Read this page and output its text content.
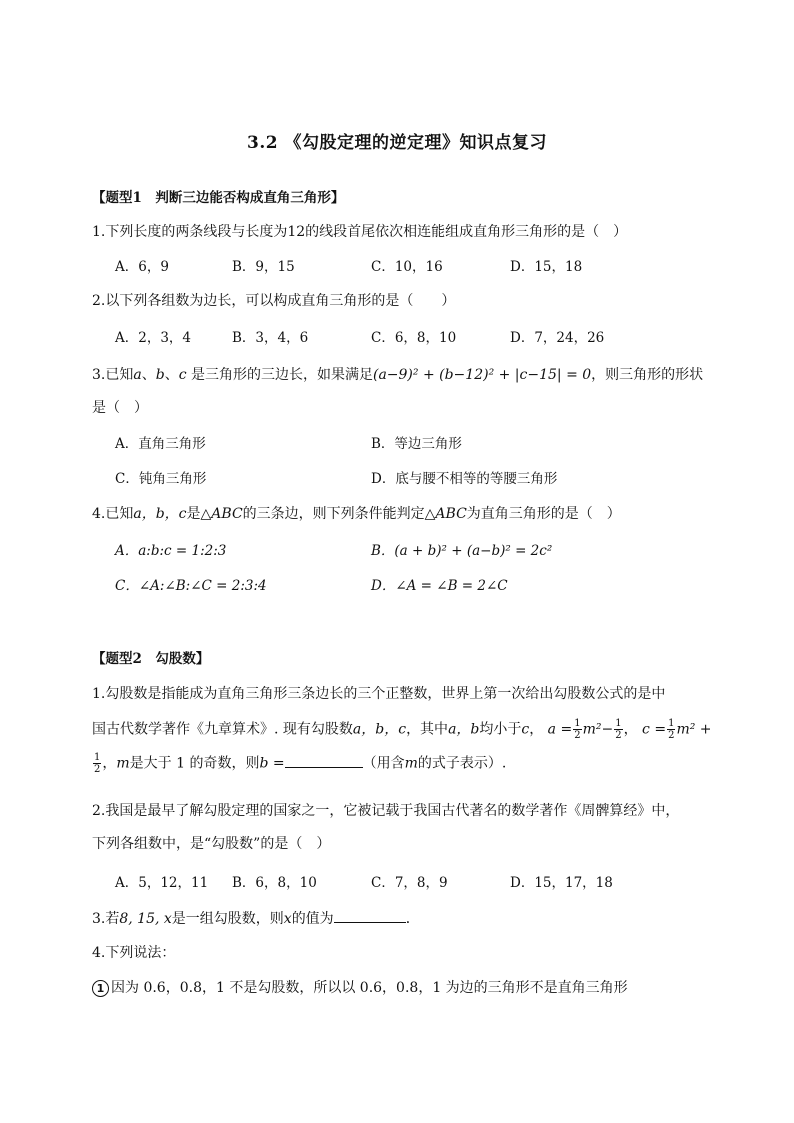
3.2 《勾股定理的逆定理》知识点复习
【题型1　判断三边能否构成直角三角形】
1.下列长度的两条线段与长度为12的线段首尾依次相连能组成直角形三角形的是（　）
A．6，9	B．9，15	C．10，16	D．15，18
2.以下列各组数为边长，可以构成直角三角形的是（　　）
A．2，3，4	B．3，4，6	C．6，8，10	D．7，24，26
3.已知a、b、c 是三角形的三边长，如果满足(a−9)² + (b−12)² + |c−15| = 0，则三角形的形状
是（　）
A．直角三角形	B．等边三角形
C．钝角三角形	D．底与腰不相等的等腰三角形
4.已知a，b，c是△ABC的三条边，则下列条件能判定△ABC为直角三角形的是（　）
A．a:b:c = 1:2:3	B．(a + b)² + (a−b)² = 2c²
C．∠A:∠B:∠C = 2:3:4	D．∠A = ∠B = 2∠C
【题型2　勾股数】
1.勾股数是指能成为直角三角形三条边长的三个正整数，世界上第一次给出勾股数公式的是中
国古代数学著作《九章算术》. 现有勾股数a，b，c，其中a，b均小于c， $a = \frac{1}{2} m^2- \frac{1}{2}$ ， $c = \frac{1}{2} m^2$ +
$\frac{1}{2}$ ，m是大于 1 的奇数，则b =	（用含m的式子表示）.
2.我国是最早了解勾股定理的国家之一，它被记载于我国古代著名的数学著作《周髀算经》中，
下列各组数中，是“勾股数”的是（　）
A．5，12，11 B．6，8，10	C．7，8，9	D．15，17，18
3.若8, 15, x是一组勾股数，则x的值为	．
4.下列说法：
1 因为 0.6，0.8，1 不是勾股数，所以以 0.6，0.8，1 为边的三角形不是直角三角形
